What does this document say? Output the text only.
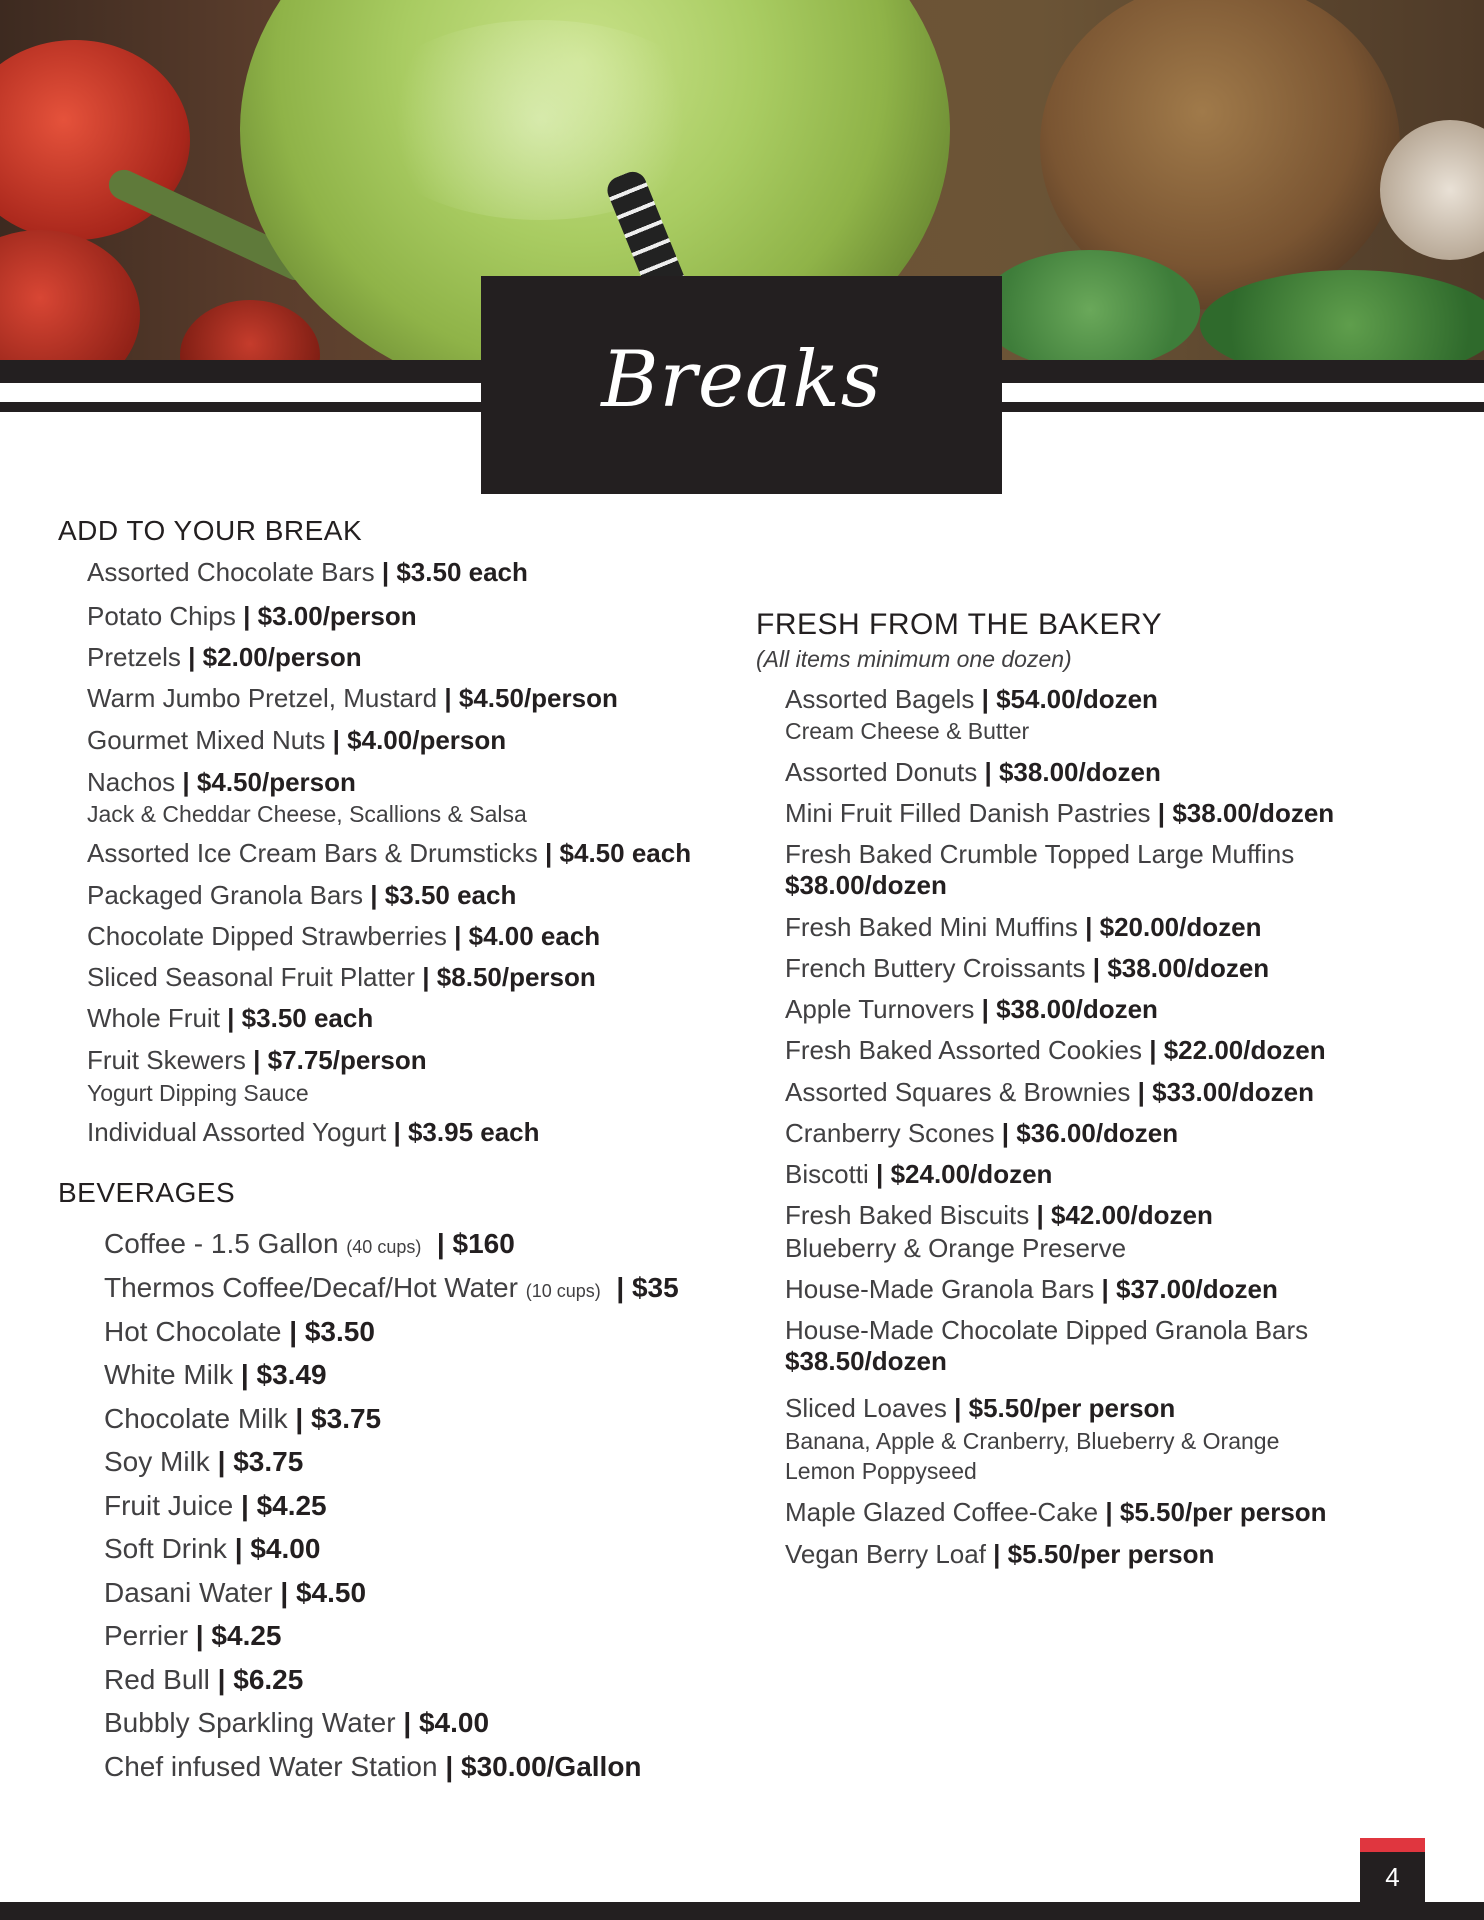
Breaks
ADD TO YOUR BREAK
Assorted Chocolate Bars | $3.50 each
Potato Chips | $3.00/person
Pretzels | $2.00/person
Warm Jumbo Pretzel, Mustard | $4.50/person
Gourmet Mixed Nuts | $4.00/person
Nachos | $4.50/person
Jack & Cheddar Cheese, Scallions & Salsa
Assorted Ice Cream Bars & Drumsticks | $4.50 each
Packaged Granola Bars | $3.50 each
Chocolate Dipped Strawberries | $4.00 each
Sliced Seasonal Fruit Platter | $8.50/person
Whole Fruit | $3.50 each
Fruit Skewers | $7.75/person
Yogurt Dipping Sauce
Individual Assorted Yogurt | $3.95 each
BEVERAGES
Coffee - 1.5 Gallon (40 cups) | $160
Thermos Coffee/Decaf/Hot Water (10 cups) | $35
Hot Chocolate | $3.50
White Milk | $3.49
Chocolate Milk | $3.75
Soy Milk | $3.75
Fruit Juice | $4.25
Soft Drink | $4.00
Dasani Water | $4.50
Perrier | $4.25
Red Bull | $6.25
Bubbly Sparkling Water | $4.00
Chef infused Water Station | $30.00/Gallon
FRESH FROM THE BAKERY
(All items minimum one dozen)
Assorted Bagels | $54.00/dozen
Cream Cheese & Butter
Assorted Donuts | $38.00/dozen
Mini Fruit Filled Danish Pastries | $38.00/dozen
Fresh Baked Crumble Topped Large Muffins
$38.00/dozen
Fresh Baked Mini Muffins | $20.00/dozen
French Buttery Croissants | $38.00/dozen
Apple Turnovers | $38.00/dozen
Fresh Baked Assorted Cookies | $22.00/dozen
Assorted Squares & Brownies | $33.00/dozen
Cranberry Scones | $36.00/dozen
Biscotti | $24.00/dozen
Fresh Baked Biscuits | $42.00/dozen
Blueberry & Orange Preserve
House-Made Granola Bars | $37.00/dozen
House-Made Chocolate Dipped Granola Bars
$38.50/dozen
Sliced Loaves | $5.50/per person
Banana, Apple & Cranberry, Blueberry & Orange
Lemon Poppyseed
Maple Glazed Coffee-Cake | $5.50/per person
Vegan Berry Loaf | $5.50/per person
4
